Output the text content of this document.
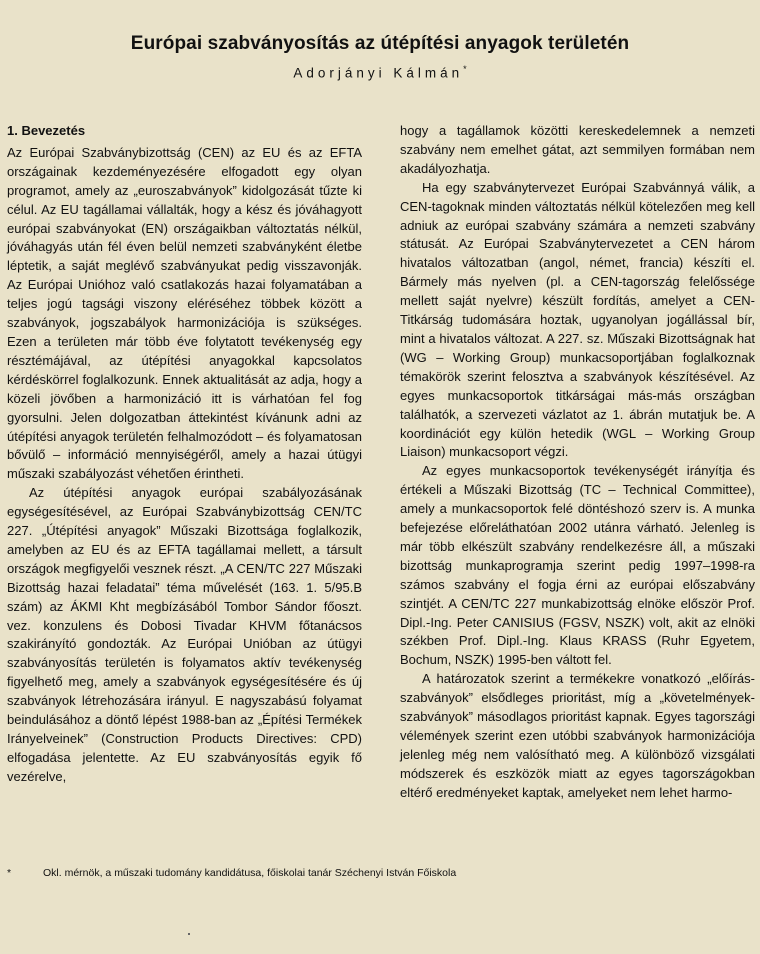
Európai szabványosítás az útépítési anyagok területén
Adorjányi Kálmán*
1. Bevezetés

Az Európai Szabványbizottság (CEN) az EU és az EFTA országainak kezdeményezésére elfogadott egy olyan programot, amely az „euroszabványok” kidolgozását tűzte ki célul. Az EU tagállamai vállalták, hogy a kész és jóváhagyott európai szabványokat (EN) országaikban változtatás nélkül, jóváhagyás után fél éven belül nemzeti szabványként életbe léptetik, a saját meglévő szabványukat pedig visszavonják. Az Európai Unióhoz való csatlakozás hazai folyamatában a teljes jogú tagsági viszony eléréséhez többek között a szabványok, jogszabályok harmonizációja is szükséges. Ezen a területen már több éve folytatott tevékenység egy résztémájával, az útépítési anyagokkal kapcsolatos kérdéskörrel foglalkozunk. Ennek aktualitását az adja, hogy a közeli jövőben a harmonizáció itt is várhatóan fel fog gyorsulni. Jelen dolgozatban áttekintést kívánunk adni az útépítési anyagok területén felhalmozódott – és folyamatosan bővülő – információ mennyiségéről, amely a hazai útügyi műszaki szabályozást véhetően érintheti.

Az útépítési anyagok európai szabályozásának egységesítésével, az Európai Szabványbizottság CEN/TC 227. „Útépítési anyagok” Műszaki Bizottsága foglalkozik, amelyben az EU és az EFTA tagállamai mellett, a társult országok megfigyelői vesznek részt. „A CEN/TC 227 Műszaki Bizottság hazai feladatai” téma művelését (163. 1. 5/95.B szám) az ÁKMI Kht megbízásából Tombor Sándor főoszt. vez. konzulens és Dobosi Tivadar KHVM főtanácsos szakirányító gondozták. Az Európai Unióban az útügyi szabványosítás területén is folyamatos aktív tevékenység figyelhető meg, amely a szabványok egységesítésére és új szabványok létrehozására irányul. E nagyszabású folyamat beindulásához a döntő lépést 1988-ban az „Építési Termékek Irányelveinek” (Construction Products Directives: CPD) elfogadása jelentette. Az EU szabványosítás egyik fő vezérelve,

hogy a tagállamok közötti kereskedelemnek a nemzeti szabvány nem emelhet gátat, azt semmilyen formában nem akadályozhatja.

Ha egy szabványtervezet Európai Szabvánnyá válik, a CEN-tagoknak minden változtatás nélkül kötelezően meg kell adniuk az európai szabvány számára a nemzeti szabvány státusát. Az Európai Szabványtervezetet a CEN három hivatalos változatban (angol, német, francia) készíti el. Bármely más nyelven (pl. a CEN-tagország felelőssége mellett saját nyelvre) készült fordítás, amelyet a CEN-Titkárság tudomására hoztak, ugyanolyan jogállással bír, mint a hivatalos változat. A 227. sz. Műszaki Bizottságnak hat (WG – Working Group) munkacsoportjában foglalkoznak témakörök szerint felosztva a szabványok készítésével. Az egyes munkacsoportok titkárságai más-más országban találhatók, a szervezeti vázlatot az 1. ábrán mutatjuk be. A koordinációt egy külön hetedik (WGL – Working Group Liaison) munkacsoport végzi.

Az egyes munkacsoportok tevékenységét irányítja és értékeli a Műszaki Bizottság (TC – Technical Committee), amely a munkacsoportok felé döntéshozó szerv is. A munka befejezése előreláthatóan 2002 utánra várható. Jelenleg is már több elkészült szabvány rendelkezésre áll, a műszaki bizottság munkaprogramja szerint pedig 1997–1998-ra számos szabvány el fogja érni az európai előszabvány szintjét. A CEN/TC 227 munkabizottság elnöke először Prof. Dipl.-Ing. Peter CANISIUS (FGSV, NSZK) volt, akit az elnöki székben Prof. Dipl.-Ing. Klaus KRASS (Ruhr Egyetem, Bochum, NSZK) 1995-ben váltott fel.

A határozatok szerint a termékekre vonatkozó „előírás-szabványok” elsődleges prioritást, míg a „követelmények-szabványok” másodlagos prioritást kapnak. Egyes tagországi vélemények szerint ezen utóbbi szabványok harmonizációja jelenleg még nem valósítható meg. A különböző vizsgálati módszerek és eszközök miatt az egyes tagországokban eltérő eredményeket kaptak, amelyeket nem lehet harmo-

*	Okl. mérnök, a műszaki tudomány kandidátusa, főiskolai tanár Széchenyi István Főiskola
